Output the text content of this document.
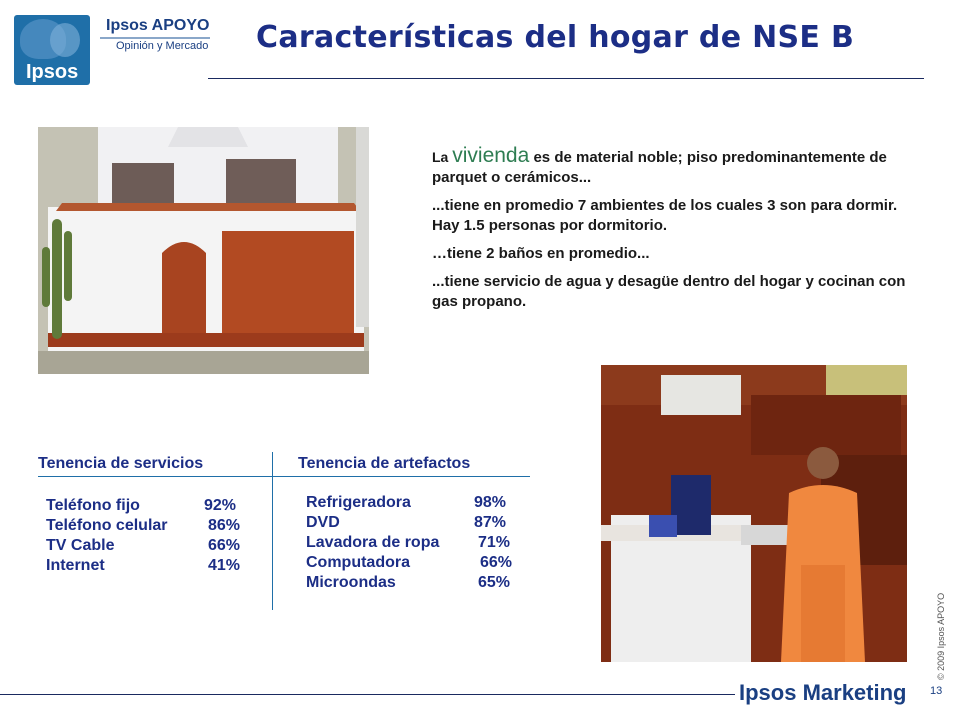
Ipsos
Ipsos APOYO
Opinión y Mercado Características del hogar de NSE B

La vivienda es de material noble; piso predominantemente de parquet o cerámicos...

...tiene en promedio 7 ambientes de los cuales 3 son para dormir. Hay 1.5 personas por dormitorio.

…tiene 2 baños en promedio...

...tiene servicio de agua y desagüe dentro del hogar y cocinan con gas propano.

Tenencia de servicios	Tenencia de artefactos
Teléfono fijo	92%
Teléfono celular	86%
TV Cable	66%
Internet	41%
Refrigeradora	98%
DVD	87%
Lavadora de ropa	71%
Computadora	66%
Microondas	65%
Ipsos Marketing 13
© 2009 Ipsos APOYO
